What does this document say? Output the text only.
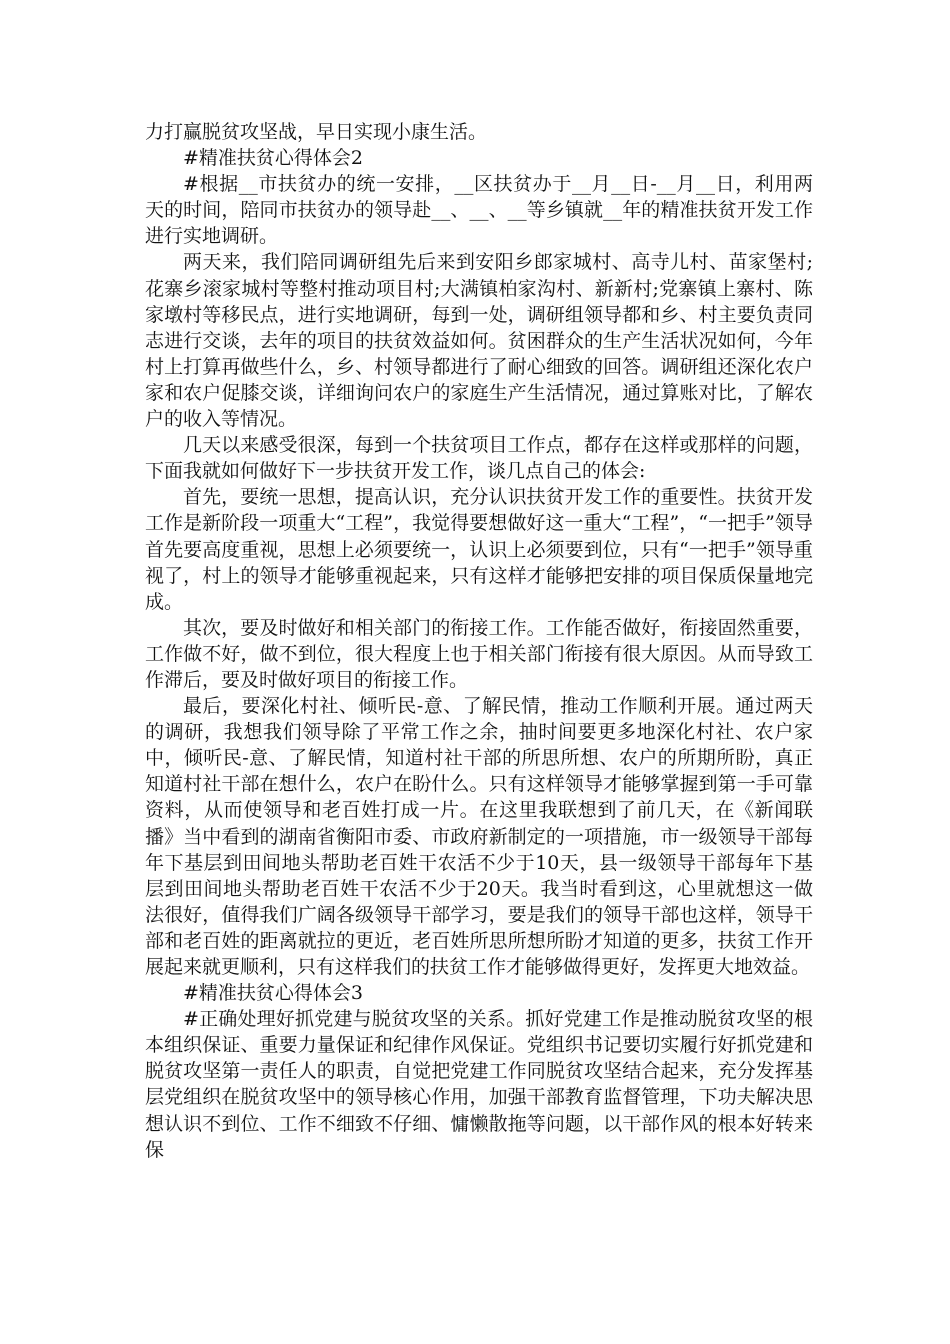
力打赢脱贫攻坚战，早日实现小康生活。

#精准扶贫心得体会2

#根据__市扶贫办的统一安排，__区扶贫办于__月__日-__月__日，利用两天的时间，陪同市扶贫办的领导赴__、__、__等乡镇就__年的精准扶贫开发工作进行实地调研。

两天来，我们陪同调研组先后来到安阳乡郎家城村、高寺儿村、苗家堡村;花寨乡滚家城村等整村推动项目村;大满镇柏家沟村、新新村;党寨镇上寨村、陈家墩村等移民点，进行实地调研，每到一处，调研组领导都和乡、村主要负责同志进行交谈，去年的项目的扶贫效益如何。贫困群众的生产生活状况如何，今年村上打算再做些什么，乡、村领导都进行了耐心细致的回答。调研组还深化农户家和农户促膝交谈，详细询问农户的家庭生产生活情况，通过算账对比，了解农户的收入等情况。

几天以来感受很深，每到一个扶贫项目工作点，都存在这样或那样的问题，下面我就如何做好下一步扶贫开发工作，谈几点自己的体会:

首先，要统一思想，提高认识，充分认识扶贫开发工作的重要性。扶贫开发工作是新阶段一项重大“工程”，我觉得要想做好这一重大“工程”，“一把手”领导首先要高度重视，思想上必须要统一，认识上必须要到位，只有“一把手”领导重视了，村上的领导才能够重视起来，只有这样才能够把安排的项目保质保量地完成。

其次，要及时做好和相关部门的衔接工作。工作能否做好，衔接固然重要，工作做不好，做不到位，很大程度上也于相关部门衔接有很大原因。从而导致工作滞后，要及时做好项目的衔接工作。

最后，要深化村社、倾听民-意、了解民情，推动工作顺利开展。通过两天的调研，我想我们领导除了平常工作之余，抽时间要更多地深化村社、农户家中，倾听民-意、了解民情，知道村社干部的所思所想、农户的所期所盼，真正知道村社干部在想什么，农户在盼什么。只有这样领导才能够掌握到第一手可靠资料，从而使领导和老百姓打成一片。在这里我联想到了前几天，在《新闻联播》当中看到的湖南省衡阳市委、市政府新制定的一项措施，市一级领导干部每年下基层到田间地头帮助老百姓干农活不少于10天，县一级领导干部每年下基层到田间地头帮助老百姓干农活不少于20天。我当时看到这，心里就想这一做法很好，值得我们广阔各级领导干部学习，要是我们的领导干部也这样，领导干部和老百姓的距离就拉的更近，老百姓所思所想所盼才知道的更多，扶贫工作开展起来就更顺利，只有这样我们的扶贫工作才能够做得更好，发挥更大地效益。

#精准扶贫心得体会3

#正确处理好抓党建与脱贫攻坚的关系。抓好党建工作是推动脱贫攻坚的根本组织保证、重要力量保证和纪律作风保证。党组织书记要切实履行好抓党建和脱贫攻坚第一责任人的职责，自觉把党建工作同脱贫攻坚结合起来，充分发挥基层党组织在脱贫攻坚中的领导核心作用，加强干部教育监督管理，下功夫解决思想认识不到位、工作不细致不仔细、慵懒散拖等问题，以干部作风的根本好转来保
